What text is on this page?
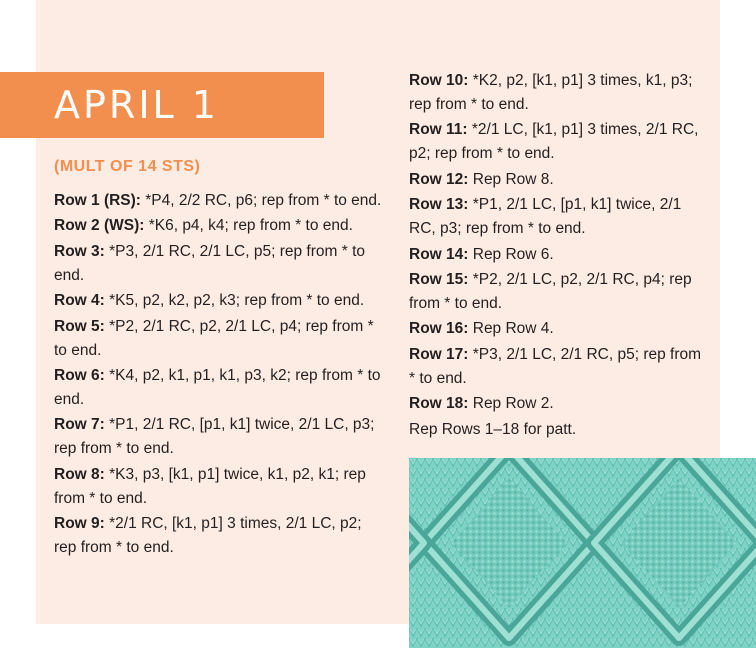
APRIL 1
(MULT OF 14 STS)
Row 1 (RS): *P4, 2/2 RC, p6; rep from * to end.
Row 2 (WS): *K6, p4, k4; rep from * to end.
Row 3: *P3, 2/1 RC, 2/1 LC, p5; rep from * to end.
Row 4: *K5, p2, k2, p2, k3; rep from * to end.
Row 5: *P2, 2/1 RC, p2, 2/1 LC, p4; rep from * to end.
Row 6: *K4, p2, k1, p1, k1, p3, k2; rep from * to end.
Row 7: *P1, 2/1 RC, [p1, k1] twice, 2/1 LC, p3; rep from * to end.
Row 8: *K3, p3, [k1, p1] twice, k1, p2, k1; rep from * to end.
Row 9: *2/1 RC, [k1, p1] 3 times, 2/1 LC, p2; rep from * to end.
Row 10: *K2, p2, [k1, p1] 3 times, k1, p3; rep from * to end.
Row 11: *2/1 LC, [k1, p1] 3 times, 2/1 RC, p2; rep from * to end.
Row 12: Rep Row 8.
Row 13: *P1, 2/1 LC, [p1, k1] twice, 2/1 RC, p3; rep from * to end.
Row 14: Rep Row 6.
Row 15: *P2, 2/1 LC, p2, 2/1 RC, p4; rep from * to end.
Row 16: Rep Row 4.
Row 17: *P3, 2/1 LC, 2/1 RC, p5; rep from * to end.
Row 18: Rep Row 2.
Rep Rows 1–18 for patt.
